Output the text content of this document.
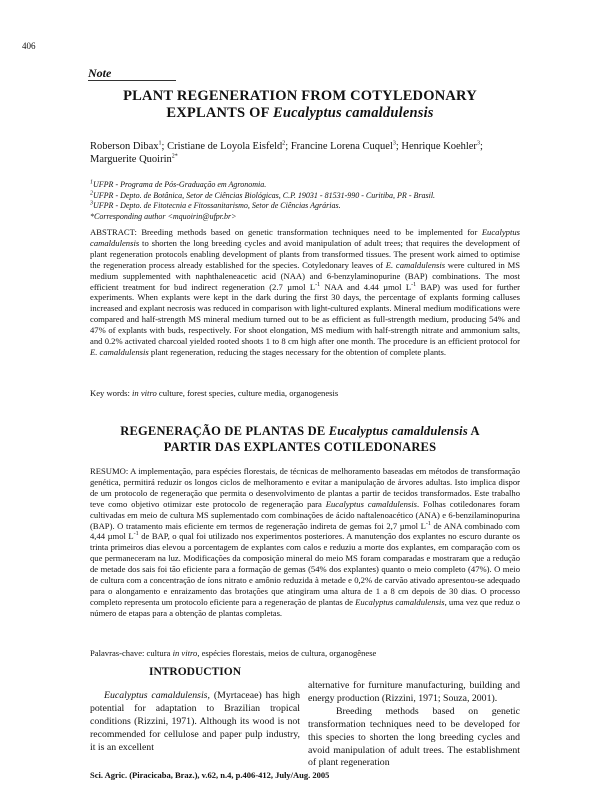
406
Note
PLANT REGENERATION FROM COTYLEDONARY
EXPLANTS OF Eucalyptus camaldulensis
Roberson Dibax$^1$; Cristiane de Loyola Eisfeld$^2$; Francine Lorena Cuquel$^3$; Henrique Koehler$^3$; Marguerite Quoirin$^{2*}$
$^1$UFPR - Programa de Pós-Graduação em Agronomia.
$^2$UFPR - Depto. de Botânica, Setor de Ciências Biológicas, C.P. 19031 - 81531-990 - Curitiba, PR - Brasil.
$^3$UFPR - Depto. de Fitotecnia e Fitossanitarismo, Setor de Ciências Agrárias.
*Corresponding author <mquoirin@ufpr.br>
ABSTRACT: Breeding methods based on genetic transformation techniques need to be implemented for Eucalyptus camaldulensis to shorten the long breeding cycles and avoid manipulation of adult trees; that requires the development of plant regeneration protocols enabling development of plants from transformed tissues. The present work aimed to optimise the regeneration process already established for the species. Cotyledonary leaves of E. camaldulensis were cultured in MS medium supplemented with naphthaleneacetic acid (NAA) and 6-benzylaminopurine (BAP) combinations. The most efficient treatment for bud indirect regeneration (2.7 µmol $L^{-1}$ NAA and 4.44 µmol $L^{-1}$ BAP) was used for further experiments. When explants were kept in the dark during the first 30 days, the percentage of explants forming calluses increased and explant necrosis was reduced in comparison with light-cultured explants. Mineral medium modifications were compared and half-strength MS mineral medium turned out to be as efficient as full-strength medium, producing 54% and 47% of explants with buds, respectively. For shoot elongation, MS medium with half-strength nitrate and ammonium salts, and 0.2% activated charcoal yielded rooted shoots 1 to 8 cm high after one month. The procedure is an efficient protocol for E. camaldulensis plant regeneration, reducing the stages necessary for the obtention of complete plants.
Key words: in vitro culture, forest species, culture media, organogenesis
REGENERAÇÃO DE PLANTAS DE Eucalyptus camaldulensis A
PARTIR DAS EXPLANTES COTILEDONARES
RESUMO: A implementação, para espécies florestais, de técnicas de melhoramento baseadas em métodos de transformação genética, permitirá reduzir os longos ciclos de melhoramento e evitar a manipulação de árvores adultas. Isto implica dispor de um protocolo de regeneração que permita o desenvolvimento de plantas a partir de tecidos transformados. Este trabalho teve como objetivo otimizar este protocolo de regeneração para Eucalyptus camaldulensis. Folhas cotiledonares foram cultivadas em meio de cultura MS suplementado com combinações de ácido naftalenoacético (ANA) e 6-benzilaminopurina (BAP). O tratamento mais eficiente em termos de regeneração indireta de gemas foi 2,7 µmol $L^{-1}$ de ANA combinado com 4,44 µmol $L^{-1}$ de BAP, o qual foi utilizado nos experimentos posteriores. A manutenção dos explantes no escuro durante os trinta primeiros dias elevou a porcentagem de explantes com calos e reduziu a morte dos explantes, em comparação com os que permaneceram na luz. Modificações da composição mineral do meio MS foram comparadas e mostraram que a redução de metade dos sais foi tão eficiente para a formação de gemas (54% dos explantes) quanto o meio completo (47%). O meio de cultura com a concentração de íons nitrato e amônio reduzida à metade e 0,2% de carvão ativado apresentou-se adequado para o alongamento e enraizamento das brotações que atingiram uma altura de 1 a 8 cm depois de 30 dias. O processo completo representa um protocolo eficiente para a regeneração de plantas de Eucalyptus camaldulensis, uma vez que reduz o número de etapas para a obtenção de plantas completas.
Palavras-chave: cultura in vitro, espécies florestais, meios de cultura, organogênese
INTRODUCTION
Eucalyptus camaldulensis, (Myrtaceae) has high potential for adaptation to Brazilian tropical conditions (Rizzini, 1971). Although its wood is not recommended for cellulose and paper pulp industry, it is an excellent
alternative for furniture manufacturing, building and energy production (Rizzini, 1971; Souza, 2001).
Breeding methods based on genetic transformation techniques need to be developed for this species to shorten the long breeding cycles and avoid manipulation of adult trees. The establishment of plant regeneration
Sci. Agric. (Piracicaba, Braz.), v.62, n.4, p.406-412, July/Aug. 2005
